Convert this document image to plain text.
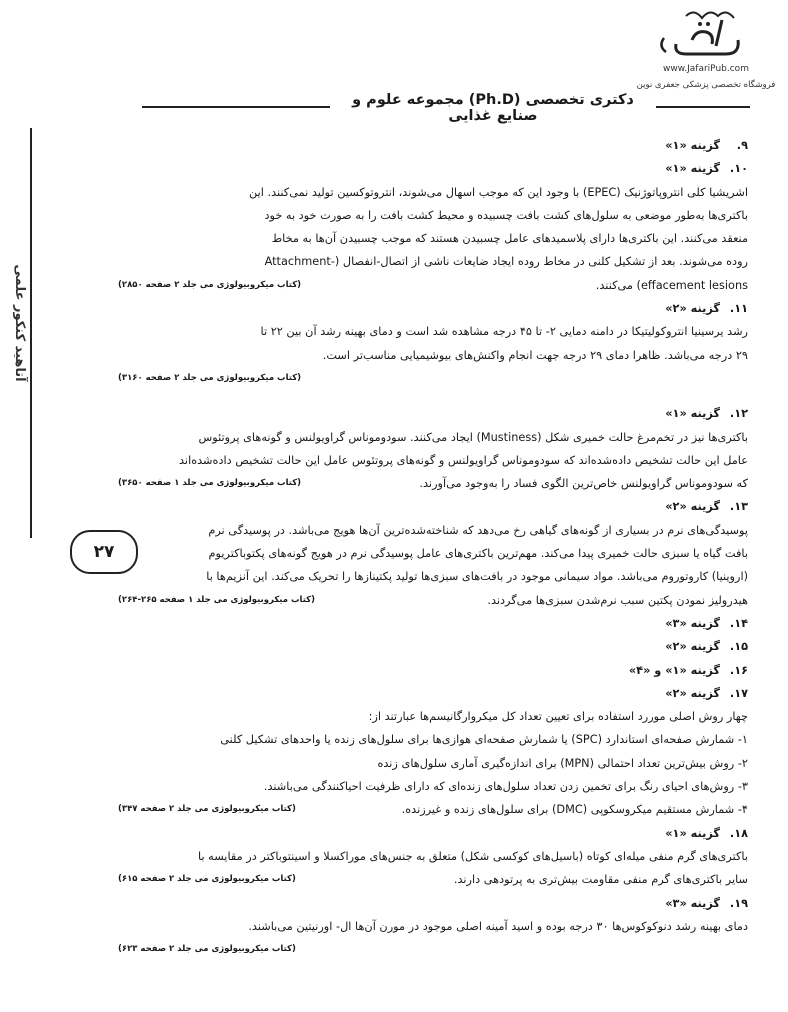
www.JafariPub.com
فروشگاه تخصصی پزشکی جعفری نوین
دکتری تخصصی (Ph.D) مجموعه علوم و صنایع غذایی
آتاهید کنکور علمی
۲۷
۹.
گزینه «۱»
۱۰.
گزینه «۱»

اشریشیا کلی انتروپاتوژنیک (EPEC) با وجود این که موجب اسهال می‌شوند، انتروتوکسین تولید نمی‌کنند. این

باکتری‌ها به‌طور موضعی به سلول‌های کشت بافت چسبیده و محیط کشت بافت را به صورت خود به خود

منعقد می‌کنند. این باکتری‌ها دارای پلاسمیدهای عامل چسبیدن هستند که موجب چسبیدن آن‌ها به مخاط

روده می‌شوند. بعد از تشکیل کلنی در مخاط روده ایجاد ضایعات ناشی از اتصال-انفصال (-Attachment

effacement lesions) می‌کنند.
(کتاب میکروبیولوژی می جلد ۲ صفحه ۲۸۵۰)
۱۱.
گزینه «۲»

رشد یرسینیا انتروکولیتیکا در دامنه دمایی ۲- تا ۴۵ درجه مشاهده شد است و دمای بهینه رشد آن بین ۲۲ تا

۲۹ درجه می‌باشد. ظاهرا دمای ۲۹ درجه جهت انجام واکنش‌های بیوشیمیایی مناسب‌تر است.

(کتاب میکروبیولوژی می جلد ۲ صفحه ۳۱۶۰)
۱۲.
گزینه «۱»

باکتری‌ها نیز در تخم‌مرغ حالت خمیری شکل (Mustiness) ایجاد می‌کنند. سودوموناس گراویولنس و گونه‌های پروتئوس

عامل این حالت تشخیص داده‌شده‌اند که سودوموناس گراویولنس و گونه‌های پروتئوس عامل این حالت تشخیص داده‌شده‌اند

که سودوموناس گراویولنس خاص‌ترین الگوی فساد را به‌وجود می‌آورند.
(کتاب میکروبیولوژی می جلد ۱ صفحه ۳۶۵۰)
۱۳.
گزینه «۲»

پوسیدگی‌های نرم در بسیاری از گونه‌های گیاهی رخ می‌دهد که شناخته‌شده‌ترین آن‌ها هویج می‌باشد. در پوسیدگی نرم

بافت گیاه یا سبزی حالت خمیری پیدا می‌کند. مهم‌ترین باکتری‌های عامل پوسیدگی نرم در هویج گونه‌های پکتوباکتریوم

(اروینیا) کاروتوروم می‌باشد. مواد سیمانی موجود در بافت‌های سبزی‌ها تولید پکتینازها را تحریک می‌کند. این آنزیم‌ها با

هیدرولیز نمودن پکتین سبب نرم‌شدن سبزی‌ها می‌گردند.
(کتاب میکروبیولوژی می جلد ۱ صفحه ۲۶۵-۲۶۴)
۱۴.
گزینه «۳»
۱۵.
گزینه «۲»
۱۶.
گزینه «۱» و «۴»
۱۷.
گزینه «۲»

چهار روش اصلی موررد استفاده برای تعیین تعداد کل میکروارگانیسم‌ها عبارتند از:

۱- شمارش صفحه‌ای استاندارد (SPC) یا شمارش صفحه‌ای هوازی‌ها برای سلول‌های زنده یا واحدهای تشکیل کلنی

۲- روش بیش‌ترین تعداد احتمالی (MPN) برای اندازه‌گیری آماری سلول‌های زنده

۳- روش‌های احیای رنگ برای تخمین زدن تعداد سلول‌های زنده‌ای که دارای ظرفیت احیاکنندگی می‌باشند.

۴- شمارش مستقیم میکروسکوپی (DMC) برای سلول‌های زنده و غیرزنده.
(کتاب میکروبیولوژی می جلد ۲ صفحه ۳۴۷)
۱۸.
گزینه «۱»

باکتری‌های گرم منفی میله‌ای کوتاه (باسیل‌های کوکسی شکل) متعلق به جنس‌های موراکسلا و اسینتوباکتر در مقایسه با

سایر باکتری‌های گرم منفی مقاومت بیش‌تری به پرتودهی دارند.
(کتاب میکروبیولوژی می جلد ۲ صفحه ۶۱۵)
۱۹.
گزینه «۳»

دمای بهینه رشد دنوکوکوس‌ها ۳۰ درجه بوده و اسید آمینه اصلی موجود در مورن آن‌ها ال- اورنیتین می‌باشند.

(کتاب میکروبیولوژی می جلد ۲ صفحه ۶۲۳)
